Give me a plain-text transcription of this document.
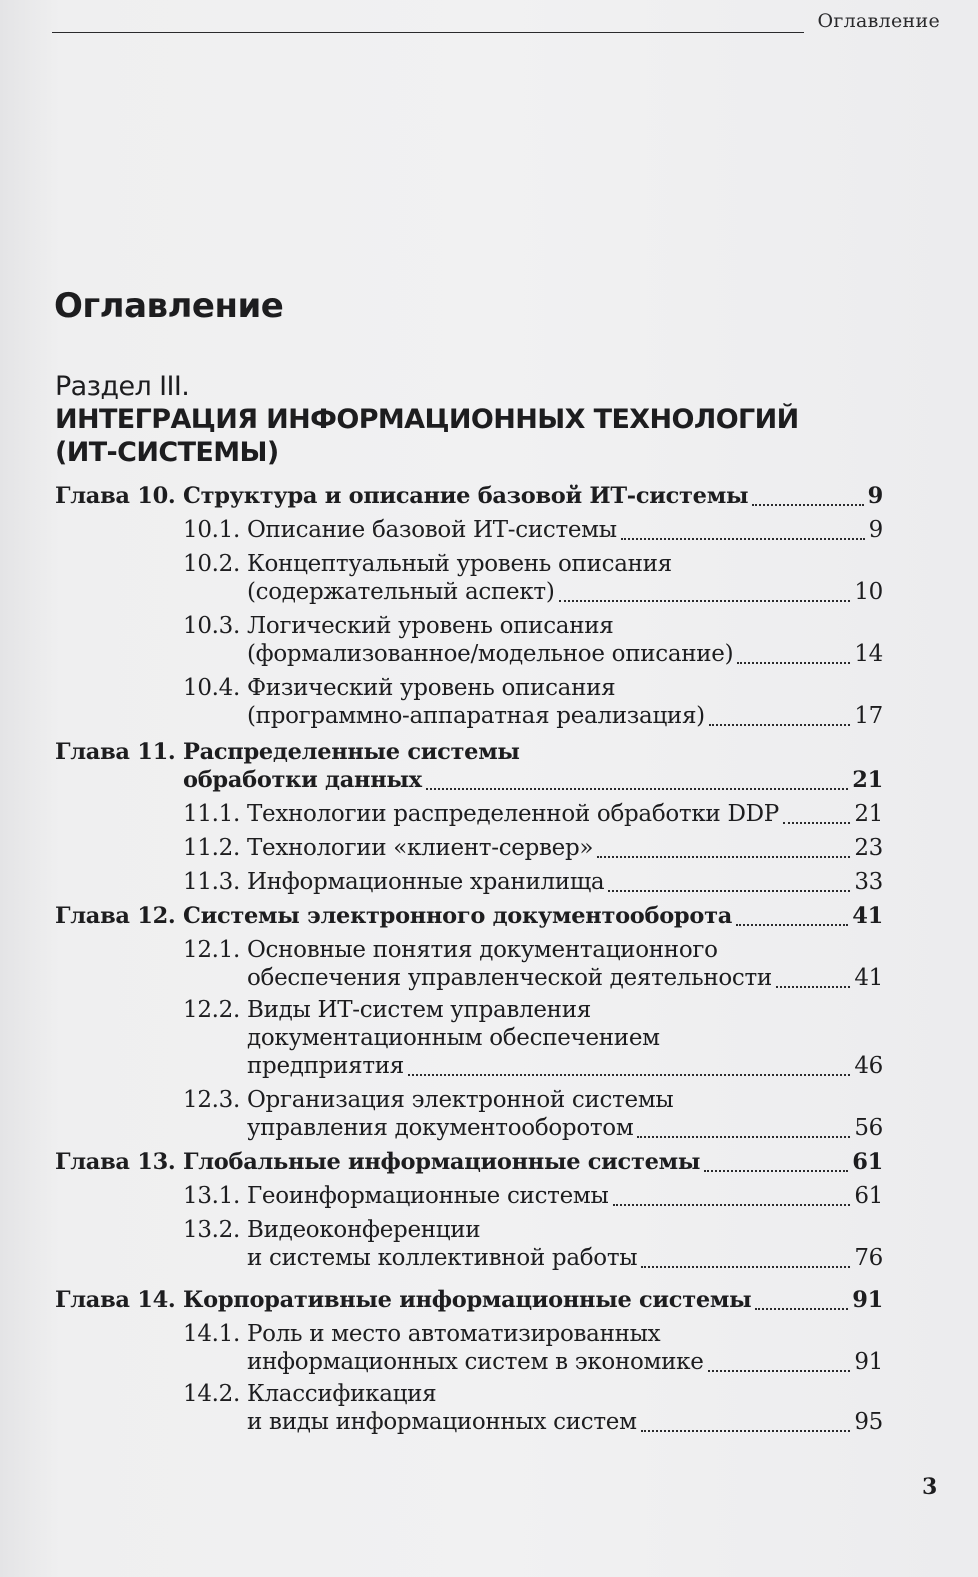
Оглавление
Оглавление
Раздел III.
ИНТЕГРАЦИЯ ИНФОРМАЦИОННЫХ ТЕХНОЛОГИЙ
(ИТ-СИСТЕМЫ)
Глава 10. Структура и описание базовой ИТ-системы	9
10.1. Описание базовой ИТ-системы	9
10.2. Концептуальный уровень описания
(содержательный аспект)	10
10.3. Логический уровень описания
(формализованное/модельное описание)	14
10.4. Физический уровень описания
(программно-аппаратная реализация)	17
Глава 11. Распределенные системы
обработки данных	21
11.1. Технологии распределенной обработки DDP	21
11.2. Технологии «клиент-сервер»	23
11.3. Информационные хранилища	33
Глава 12. Системы электронного документооборота	41
12.1. Основные понятия документационного
обеспечения управленческой деятельности	41
12.2. Виды ИТ-систем управления
документационным обеспечением
предприятия	46
12.3. Организация электронной системы
управления документооборотом	56
Глава 13. Глобальные информационные системы	61
13.1. Геоинформационные системы	61
13.2. Видеоконференции
и системы коллективной работы	76
Глава 14. Корпоративные информационные системы	91
14.1. Роль и место автоматизированных
информационных систем в экономике	91
14.2. Классификация
и виды информационных систем	95
3
